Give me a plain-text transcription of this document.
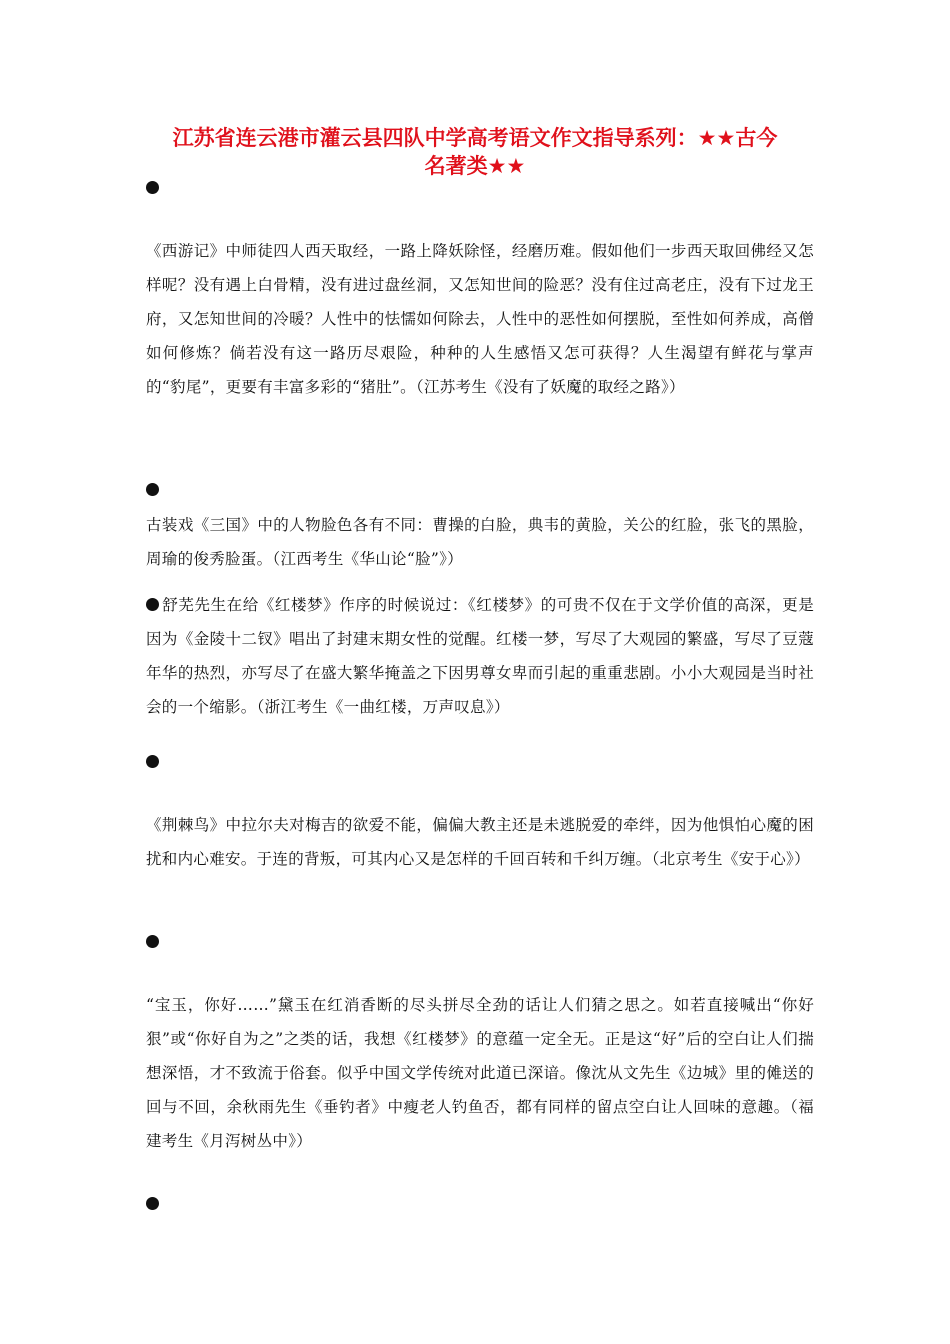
江苏省连云港市灌云县四队中学高考语文作文指导系列：★★古今
名著类★★
《西游记》中师徒四人西天取经，一路上降妖除怪，经磨历难。假如他们一步西天取回佛经又怎样呢？没有遇上白骨精，没有进过盘丝洞，又怎知世间的险恶？没有住过高老庄，没有下过龙王府，又怎知世间的冷暖？人性中的怯懦如何除去，人性中的恶性如何摆脱，至性如何养成，高僧如何修炼？倘若没有这一路历尽艰险，种种的人生感悟又怎可获得？人生渴望有鲜花与掌声的“豹尾”，更要有丰富多彩的“猪肚”。（江苏考生《没有了妖魔的取经之路》）
古装戏《三国》中的人物脸色各有不同：曹操的白脸，典韦的黄脸，关公的红脸，张飞的黑脸，周瑜的俊秀脸蛋。（江西考生《华山论“脸”》）
舒芜先生在给《红楼梦》作序的时候说过：《红楼梦》的可贵不仅在于文学价值的高深，更是因为《金陵十二钗》唱出了封建末期女性的觉醒。红楼一梦，写尽了大观园的繁盛，写尽了豆蔻年华的热烈，亦写尽了在盛大繁华掩盖之下因男尊女卑而引起的重重悲剧。小小大观园是当时社会的一个缩影。（浙江考生《一曲红楼，万声叹息》）
《荆棘鸟》中拉尔夫对梅吉的欲爱不能，偏偏大教主还是未逃脱爱的牵绊，因为他惧怕心魔的困扰和内心难安。于连的背叛，可其内心又是怎样的千回百转和千纠万缠。（北京考生《安于心》）
“宝玉，你好……”黛玉在红消香断的尽头拼尽全劲的话让人们猜之思之。如若直接喊出“你好狠”或“你好自为之”之类的话，我想《红楼梦》的意蕴一定全无。正是这“好”后的空白让人们揣想深悟，才不致流于俗套。似乎中国文学传统对此道已深谙。像沈从文先生《边城》里的傩送的回与不回，余秋雨先生《垂钓者》中瘦老人钓鱼否，都有同样的留点空白让人回味的意趣。（福建考生《月泻树丛中》）
